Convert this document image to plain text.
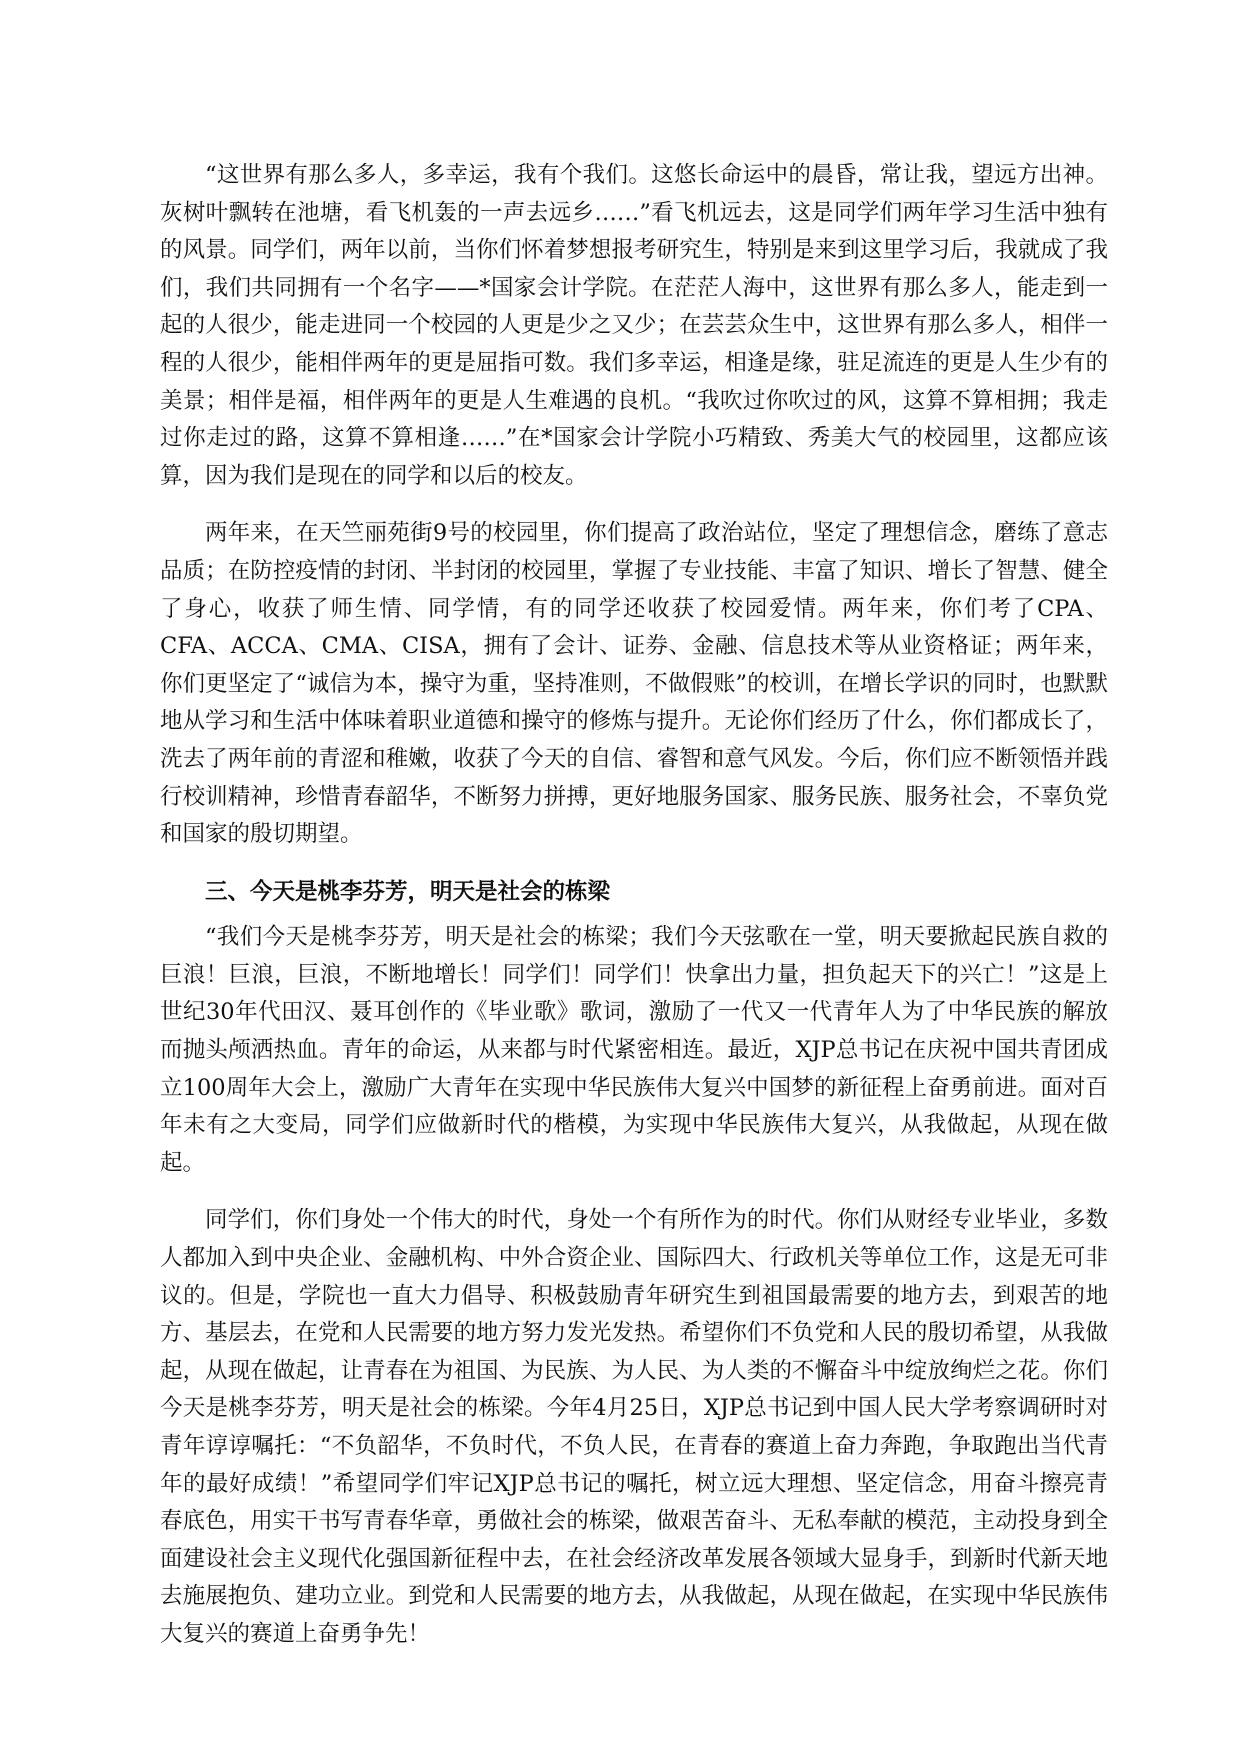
“这世界有那么多人，多幸运，我有个我们。这悠长命运中的晨昏，常让我，望远方出神。灰树叶飘转在池塘，看飞机轰的一声去远乡……”看飞机远去，这是同学们两年学习生活中独有的风景。同学们，两年以前，当你们怀着梦想报考研究生，特别是来到这里学习后，我就成了我们，我们共同拥有一个名字——*国家会计学院。在茫茫人海中，这世界有那么多人，能走到一起的人很少，能走进同一个校园的人更是少之又少；在芸芸众生中，这世界有那么多人，相伴一程的人很少，能相伴两年的更是屈指可数。我们多幸运，相逢是缘，驻足流连的更是人生少有的美景；相伴是福，相伴两年的更是人生难遇的良机。“我吹过你吹过的风，这算不算相拥；我走过你走过的路，这算不算相逢……”在*国家会计学院小巧精致、秀美大气的校园里，这都应该算，因为我们是现在的同学和以后的校友。

两年来，在天竺丽苑街9号的校园里，你们提高了政治站位，坚定了理想信念，磨练了意志品质；在防控疫情的封闭、半封闭的校园里，掌握了专业技能、丰富了知识、增长了智慧、健全了身心，收获了师生情、同学情，有的同学还收获了校园爱情。两年来，你们考了CPA、CFA、ACCA、CMA、CISA，拥有了会计、证券、金融、信息技术等从业资格证；两年来，你们更坚定了“诚信为本，操守为重，坚持准则，不做假账”的校训，在增长学识的同时，也默默地从学习和生活中体味着职业道德和操守的修炼与提升。无论你们经历了什么，你们都成长了，洗去了两年前的青涩和稚嫩，收获了今天的自信、睿智和意气风发。今后，你们应不断领悟并践行校训精神，珍惜青春韶华，不断努力拼搏，更好地服务国家、服务民族、服务社会，不辜负党和国家的殷切期望。

三、今天是桃李芬芳，明天是社会的栋梁

“我们今天是桃李芬芳，明天是社会的栋梁；我们今天弦歌在一堂，明天要掀起民族自救的巨浪！巨浪，巨浪，不断地增长！同学们！同学们！快拿出力量，担负起天下的兴亡！”这是上世纪30年代田汉、聂耳创作的《毕业歌》歌词，激励了一代又一代青年人为了中华民族的解放而抛头颅洒热血。青年的命运，从来都与时代紧密相连。最近，XJP总书记在庆祝中国共青团成立100周年大会上，激励广大青年在实现中华民族伟大复兴中国梦的新征程上奋勇前进。面对百年未有之大变局，同学们应做新时代的楷模，为实现中华民族伟大复兴，从我做起，从现在做起。

同学们，你们身处一个伟大的时代，身处一个有所作为的时代。你们从财经专业毕业，多数人都加入到中央企业、金融机构、中外合资企业、国际四大、行政机关等单位工作，这是无可非议的。但是，学院也一直大力倡导、积极鼓励青年研究生到祖国最需要的地方去，到艰苦的地方、基层去，在党和人民需要的地方努力发光发热。希望你们不负党和人民的殷切希望，从我做起，从现在做起，让青春在为祖国、为民族、为人民、为人类的不懈奋斗中绽放绚烂之花。你们今天是桃李芬芳，明天是社会的栋梁。今年4月25日，XJP总书记到中国人民大学考察调研时对青年谆谆嘱托：“不负韶华，不负时代，不负人民，在青春的赛道上奋力奔跑，争取跑出当代青年的最好成绩！”希望同学们牢记XJP总书记的嘱托，树立远大理想、坚定信念，用奋斗擦亮青春底色，用实干书写青春华章，勇做社会的栋梁，做艰苦奋斗、无私奉献的模范，主动投身到全面建设社会主义现代化强国新征程中去，在社会经济改革发展各领域大显身手，到新时代新天地去施展抱负、建功立业。到党和人民需要的地方去，从我做起，从现在做起，在实现中华民族伟大复兴的赛道上奋勇争先！
